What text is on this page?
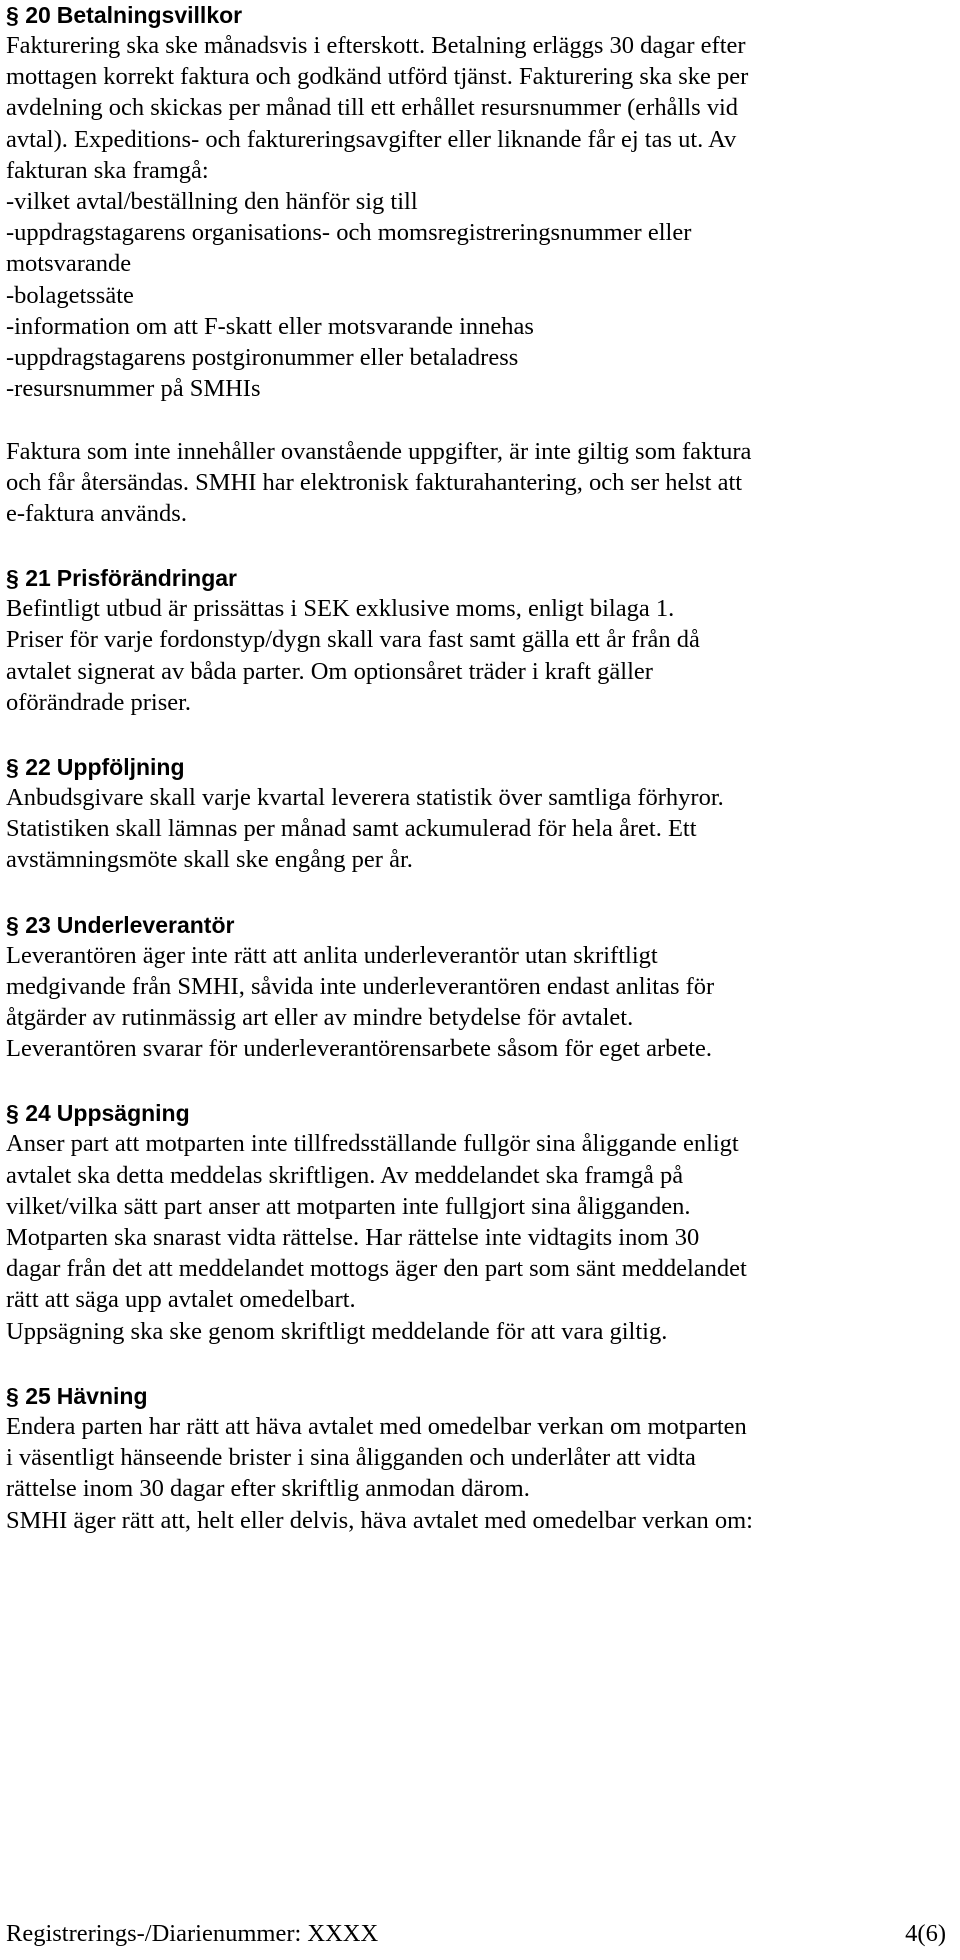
§ 20 Betalningsvillkor
Fakturering ska ske månadsvis i efterskott. Betalning erläggs 30 dagar efter
mottagen korrekt faktura och godkänd utförd tjänst. Fakturering ska ske per
avdelning och skickas per månad till ett erhållet resursnummer (erhålls vid
avtal). Expeditions- och faktureringsavgifter eller liknande får ej tas ut. Av
fakturan ska framgå:
-vilket avtal/beställning den hänför sig till
-uppdragstagarens organisations- och momsregistreringsnummer eller
motsvarande
-bolagetssäte
-information om att F-skatt eller motsvarande innehas
-uppdragstagarens postgironummer eller betaladress
-resursnummer på SMHIs
Faktura som inte innehåller ovanstående uppgifter, är inte giltig som faktura
och får återsändas. SMHI har elektronisk fakturahantering, och ser helst att
e-faktura används.
§ 21 Prisförändringar
Befintligt utbud är prissättas i SEK exklusive moms, enligt bilaga 1.
Priser för varje fordonstyp/dygn skall vara fast samt gälla ett år från då
avtalet signerat av båda parter. Om optionsåret träder i kraft gäller
oförändrade priser.
§ 22 Uppföljning
Anbudsgivare skall varje kvartal leverera statistik över samtliga förhyror.
Statistiken skall lämnas per månad samt ackumulerad för hela året. Ett
avstämningsmöte skall ske engång per år.
§ 23 Underleverantör
Leverantören äger inte rätt att anlita underleverantör utan skriftligt
medgivande från SMHI, såvida inte underleverantören endast anlitas för
åtgärder av rutinmässig art eller av mindre betydelse för avtalet.
Leverantören svarar för underleverantörensarbete såsom för eget arbete.
§ 24 Uppsägning
Anser part att motparten inte tillfredsställande fullgör sina åliggande enligt
avtalet ska detta meddelas skriftligen. Av meddelandet ska framgå på
vilket/vilka sätt part anser att motparten inte fullgjort sina åligganden.
Motparten ska snarast vidta rättelse. Har rättelse inte vidtagits inom 30
dagar från det att meddelandet mottogs äger den part som sänt meddelandet
rätt att säga upp avtalet omedelbart.
Uppsägning ska ske genom skriftligt meddelande för att vara giltig.
§ 25 Hävning
Endera parten har rätt att häva avtalet med omedelbar verkan om motparten
i väsentligt hänseende brister i sina åligganden och underlåter att vidta
rättelse inom 30 dagar efter skriftlig anmodan därom.
SMHI äger rätt att, helt eller delvis, häva avtalet med omedelbar verkan om:
Registrerings-/Diarienummer: XXXX	4(6)
